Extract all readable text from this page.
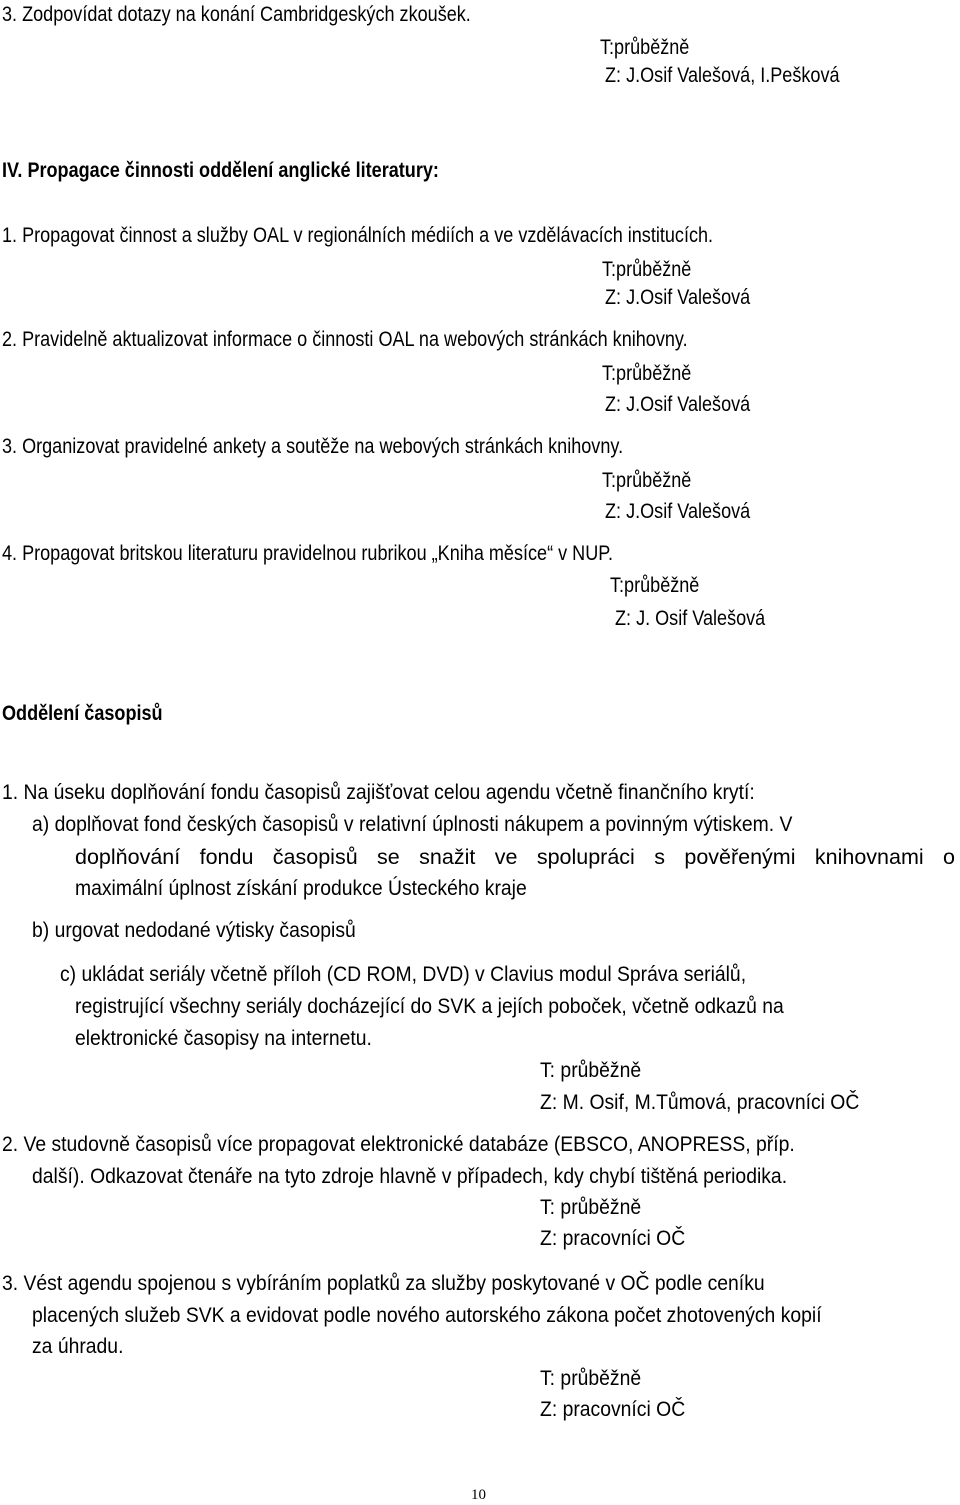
3. Zodpovídat dotazy na konání Cambridgeských zkoušek.
T:průběžně
Z: J.Osif Valešová, I.Pešková
IV. Propagace činnosti oddělení anglické literatury:
1. Propagovat činnost a služby OAL v regionálních médiích a ve vzdělávacích institucích.
T:průběžně
Z: J.Osif Valešová
2. Pravidelně aktualizovat informace o činnosti OAL na webových stránkách knihovny.
T:průběžně
Z: J.Osif Valešová
3. Organizovat pravidelné ankety a soutěže na webových stránkách knihovny.
T:průběžně
Z: J.Osif Valešová
4. Propagovat britskou literaturu pravidelnou rubrikou „Kniha měsíce“ v NUP.
T:průběžně
Z: J. Osif Valešová
Oddělení časopisů
1. Na úseku doplňování fondu časopisů zajišťovat celou agendu včetně finančního krytí:
a) doplňovat fond českých časopisů v relativní úplnosti nákupem a povinným výtiskem. V
doplňování fondu časopisů se snažit ve spolupráci s pověřenými knihovnami o
maximální úplnost získání produkce Ústeckého kraje
b) urgovat nedodané výtisky časopisů
c) ukládat seriály včetně příloh (CD ROM, DVD) v Clavius modul Správa seriálů,
registrující všechny seriály docházející do SVK a jejích poboček, včetně odkazů na
elektronické časopisy na internetu.
T: průběžně
Z: M. Osif, M.Tůmová, pracovníci OČ
2. Ve studovně časopisů více propagovat elektronické databáze (EBSCO, ANOPRESS, příp.
další). Odkazovat čtenáře na tyto zdroje hlavně v případech, kdy chybí tištěná periodika.
T: průběžně
Z: pracovníci OČ
3. Vést agendu spojenou s vybíráním poplatků za služby poskytované v OČ podle ceníku
placených služeb SVK a evidovat podle nového autorského zákona počet zhotovených kopií
za úhradu.
T: průběžně
Z: pracovníci OČ
10
